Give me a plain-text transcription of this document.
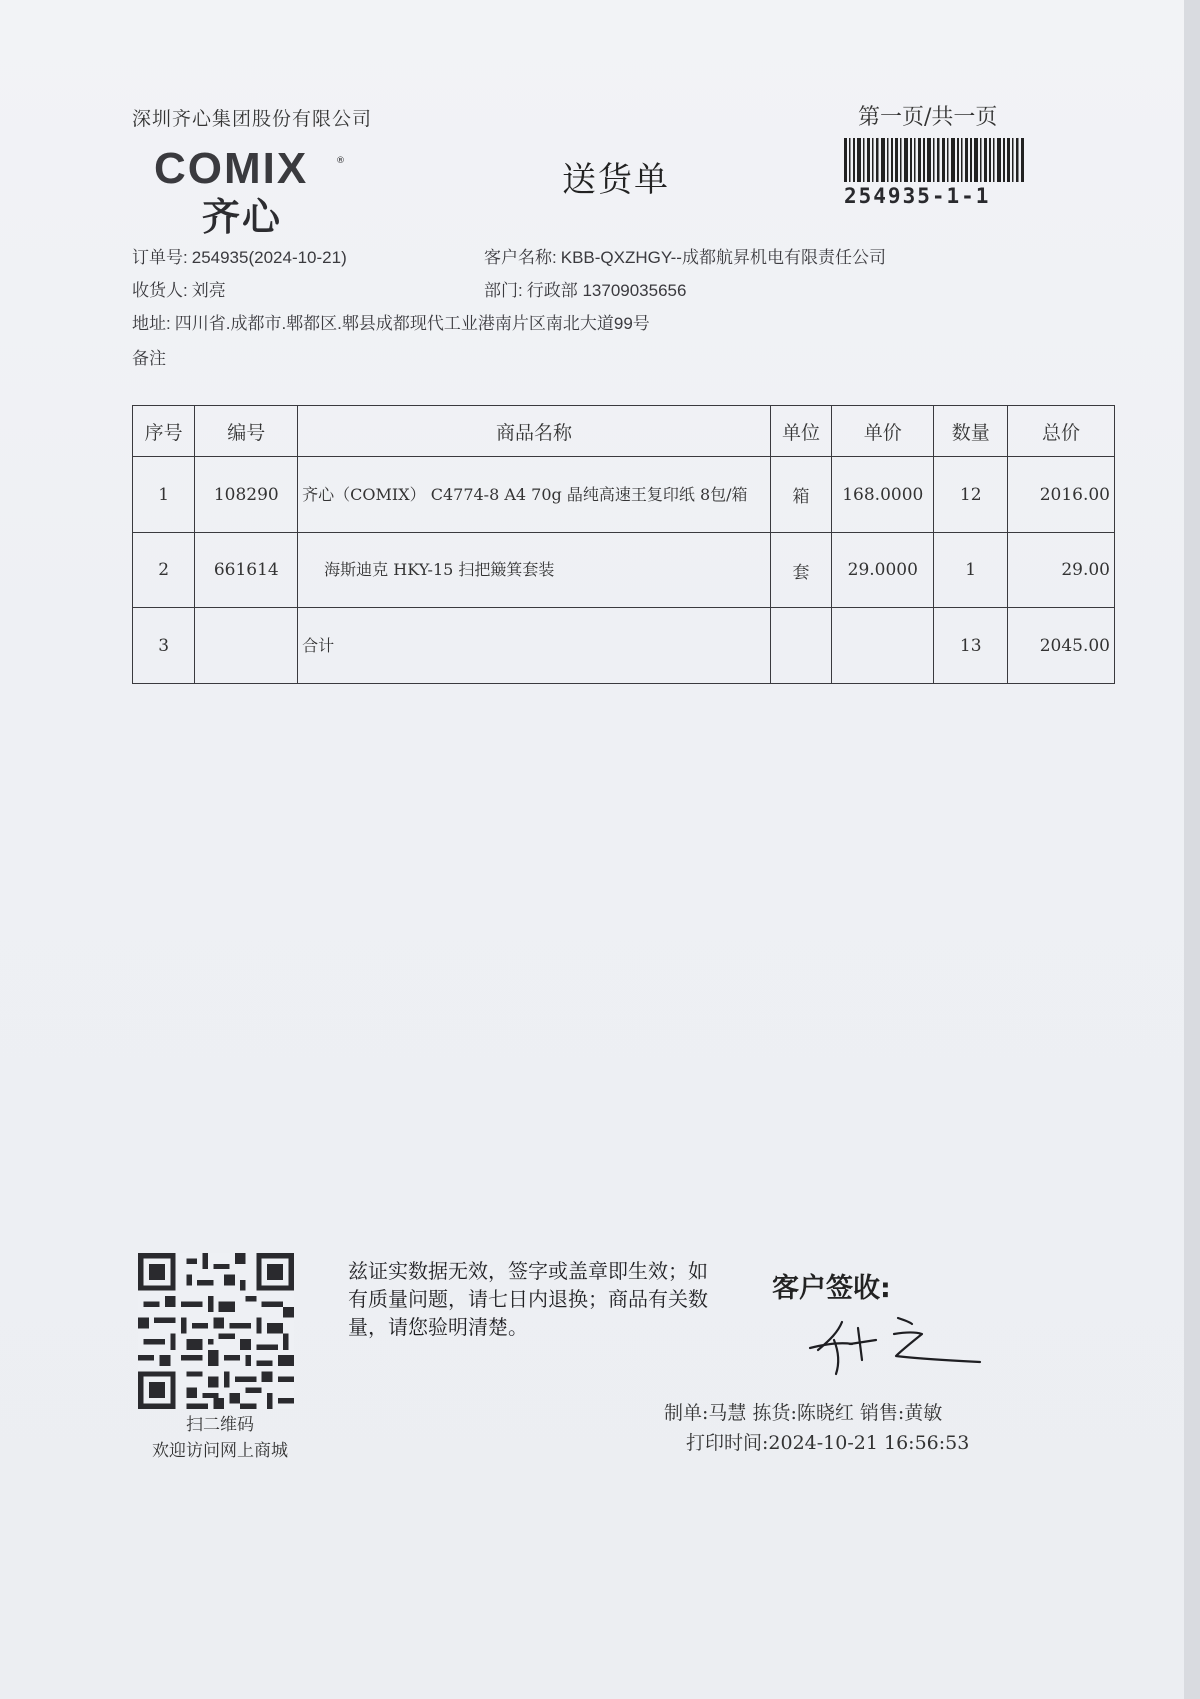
深圳齐心集团股份有限公司
COMIX	®
齐心
送货单
第一页/共一页
254935-1-1
订单号: 254935(2024-10-21)	客户名称: KBB-QXZHGY--成都航昇机电有限责任公司
收货人: 刘亮	部门: 行政部 13709035656
地址: 四川省.成都市.郫都区.郫县成都现代工业港南片区南北大道99号
备注
序号	编号	商品名称	单位	单价	数量	总价
1	108290	齐心（COMIX） C4774-8 A4 70g 晶纯高速王复印纸 8包/箱	箱	168.0000	12	2016.00
2	661614	海斯迪克 HKY-15 扫把簸箕套装	套	29.0000	1	29.00
3		合计			13	2045.00
扫二维码
欢迎访问网上商城
兹证实数据无效，签字或盖章即生效；如有质量问题，请七日内退换；商品有关数量，请您验明清楚。
客户签收:
制单:马慧 拣货:陈晓红 销售:黄敏
打印时间:2024-10-21 16:56:53
